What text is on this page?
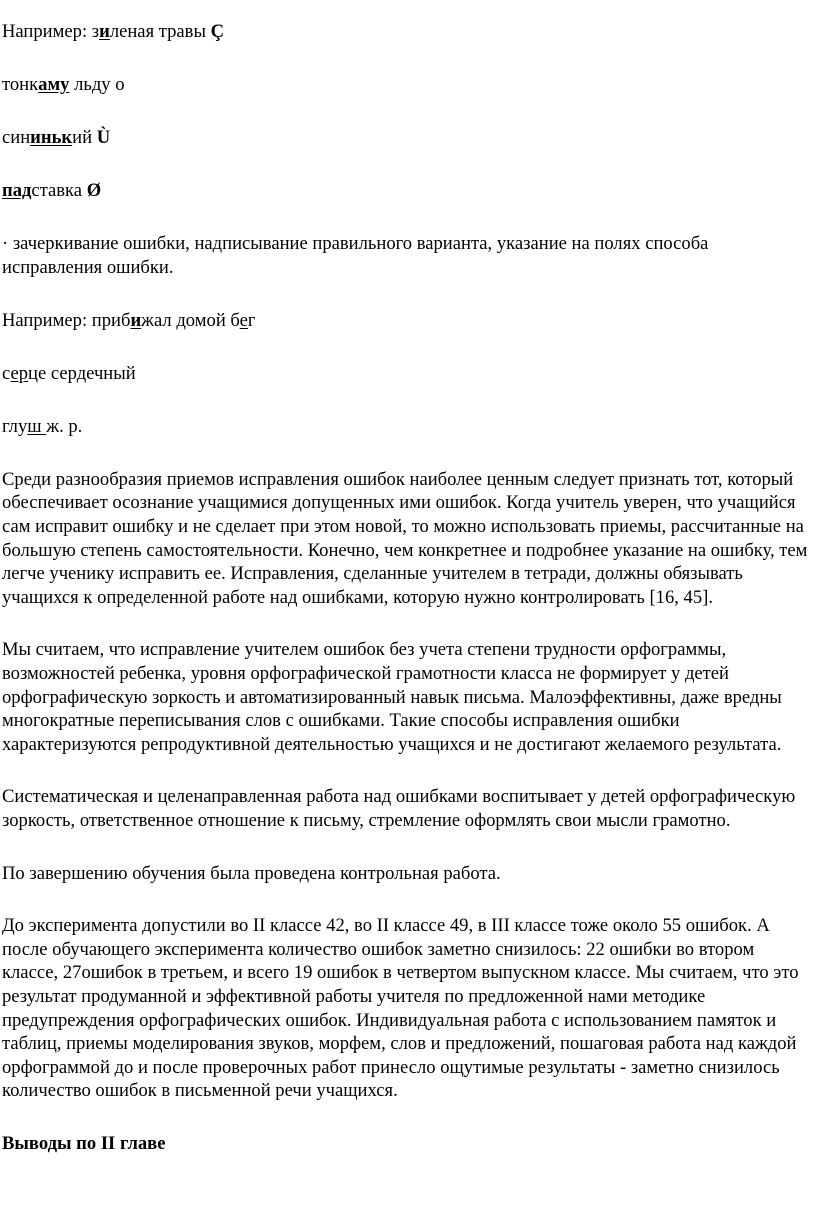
Например: зиленая травы Ç

тонкаму льду о

сининький Ù

падставка Ø

· зачеркивание ошибки, надписывание правильного варианта, указание на полях способа исправления ошибки.

Например: прибижал домой бег

серце сердечный

глуш ж. р.

Среди разнообразия приемов исправления ошибок наиболее ценным следует признать тот, который обеспечивает осознание учащимися допущенных ими ошибок. Когда учитель уверен, что учащийся сам исправит ошибку и не сделает при этом новой, то можно использовать приемы, рассчитанные на большую степень самостоятельности. Конечно, чем конкретнее и подробнее указание на ошибку, тем легче ученику исправить ее. Исправления, сделанные учителем в тетради, должны обязывать учащихся к определенной работе над ошибками, которую нужно контролировать [16, 45].

Мы считаем, что исправление учителем ошибок без учета степени трудности орфограммы, возможностей ребенка, уровня орфографической грамотности класса не формирует у детей орфографическую зоркость и автоматизированный навык письма. Малоэффективны, даже вредны многократные переписывания слов с ошибками. Такие способы исправления ошибки характеризуются репродуктивной деятельностью учащихся и не достигают желаемого результата.

Систематическая и целенаправленная работа над ошибками воспитывает у детей орфографическую зоркость, ответственное отношение к письму, стремление оформлять свои мысли грамотно.

По завершению обучения была проведена контрольная работа.

До эксперимента допустили во II классе 42, во II классе 49, в III классе тоже около 55 ошибок. А после обучающего эксперимента количество ошибок заметно снизилось: 22 ошибки во втором классе, 27ошибок в третьем, и всего 19 ошибок в четвертом выпускном классе. Мы считаем, что это результат продуманной и эффективной работы учителя по предложенной нами методике предупреждения орфографических ошибок. Индивидуальная работа с использованием памяток и таблиц, приемы моделирования звуков, морфем, слов и предложений, пошаговая работа над каждой орфограммой до и после проверочных работ принесло ощутимые результаты - заметно снизилось количество ошибок в письменной речи учащихся.

Выводы по II главе
